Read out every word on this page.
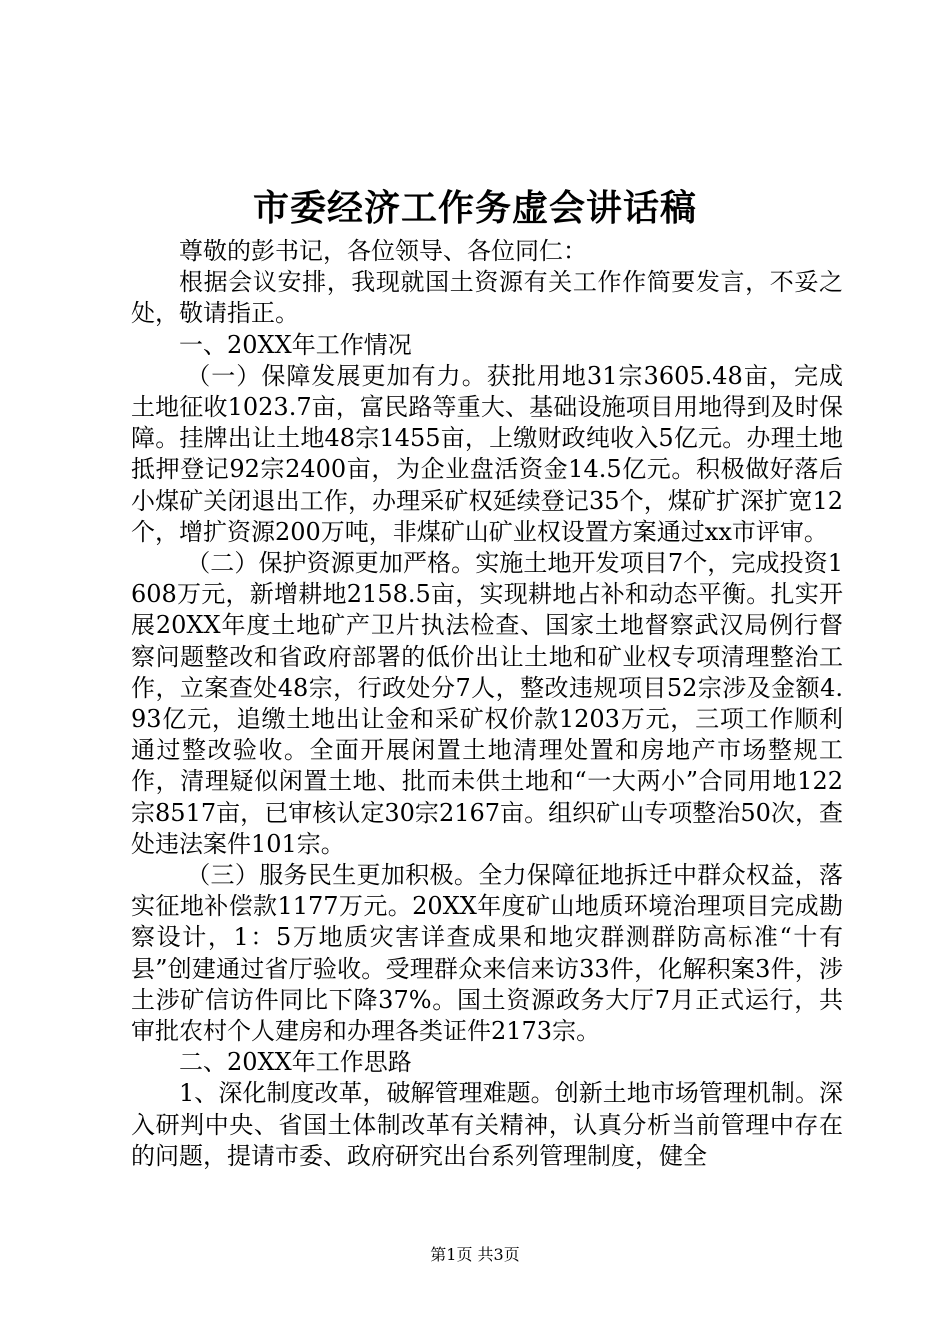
市委经济工作务虚会讲话稿

尊敬的彭书记，各位领导、各位同仁：

根据会议安排，我现就国土资源有关工作作简要发言，不妥之处，敬请指正。

一、20XX年工作情况

（一）保障发展更加有力。获批用地31宗3605.48亩，完成土地征收1023.7亩，富民路等重大、基础设施项目用地得到及时保障。挂牌出让土地48宗1455亩，上缴财政纯收入5亿元。办理土地抵押登记92宗2400亩，为企业盘活资金14.5亿元。积极做好落后小煤矿关闭退出工作，办理采矿权延续登记35个，煤矿扩深扩宽12个，增扩资源200万吨，非煤矿山矿业权设置方案通过xx市评审。

（二）保护资源更加严格。实施土地开发项目7个，完成投资1608万元，新增耕地2158.5亩，实现耕地占补和动态平衡。扎实开展20XX年度土地矿产卫片执法检查、国家土地督察武汉局例行督察问题整改和省政府部署的低价出让土地和矿业权专项清理整治工作，立案查处48宗，行政处分7人，整改违规项目52宗涉及金额4.93亿元，追缴土地出让金和采矿权价款1203万元，三项工作顺利通过整改验收。全面开展闲置土地清理处置和房地产市场整规工作，清理疑似闲置土地、批而未供土地和“一大两小”合同用地122宗8517亩，已审核认定30宗2167亩。组织矿山专项整治50次，查处违法案件101宗。

（三）服务民生更加积极。全力保障征地拆迁中群众权益，落实征地补偿款1177万元。20XX年度矿山地质环境治理项目完成勘察设计，1：5万地质灾害详查成果和地灾群测群防高标准“十有县”创建通过省厅验收。受理群众来信来访33件，化解积案3件，涉土涉矿信访件同比下降37%。国土资源政务大厅7月正式运行，共审批农村个人建房和办理各类证件2173宗。

二、20XX年工作思路

1、深化制度改革，破解管理难题。创新土地市场管理机制。深入研判中央、省国土体制改革有关精神，认真分析当前管理中存在的问题，提请市委、政府研究出台系列管理制度，健全

第1页 共3页
